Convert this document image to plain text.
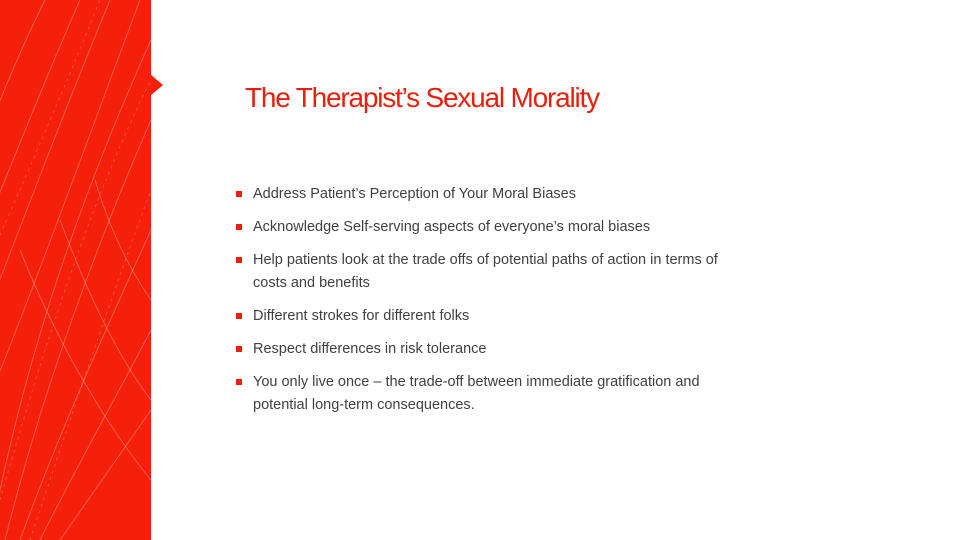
The Therapist’s Sexual Morality
Address Patient’s Perception of Your Moral Biases
Acknowledge Self-serving aspects of everyone’s moral biases
Help patients look at the trade offs of potential paths of action in terms of costs and benefits
Different strokes for different folks
Respect differences in risk tolerance
You only live once – the trade-off between immediate gratification and potential long-term consequences.
